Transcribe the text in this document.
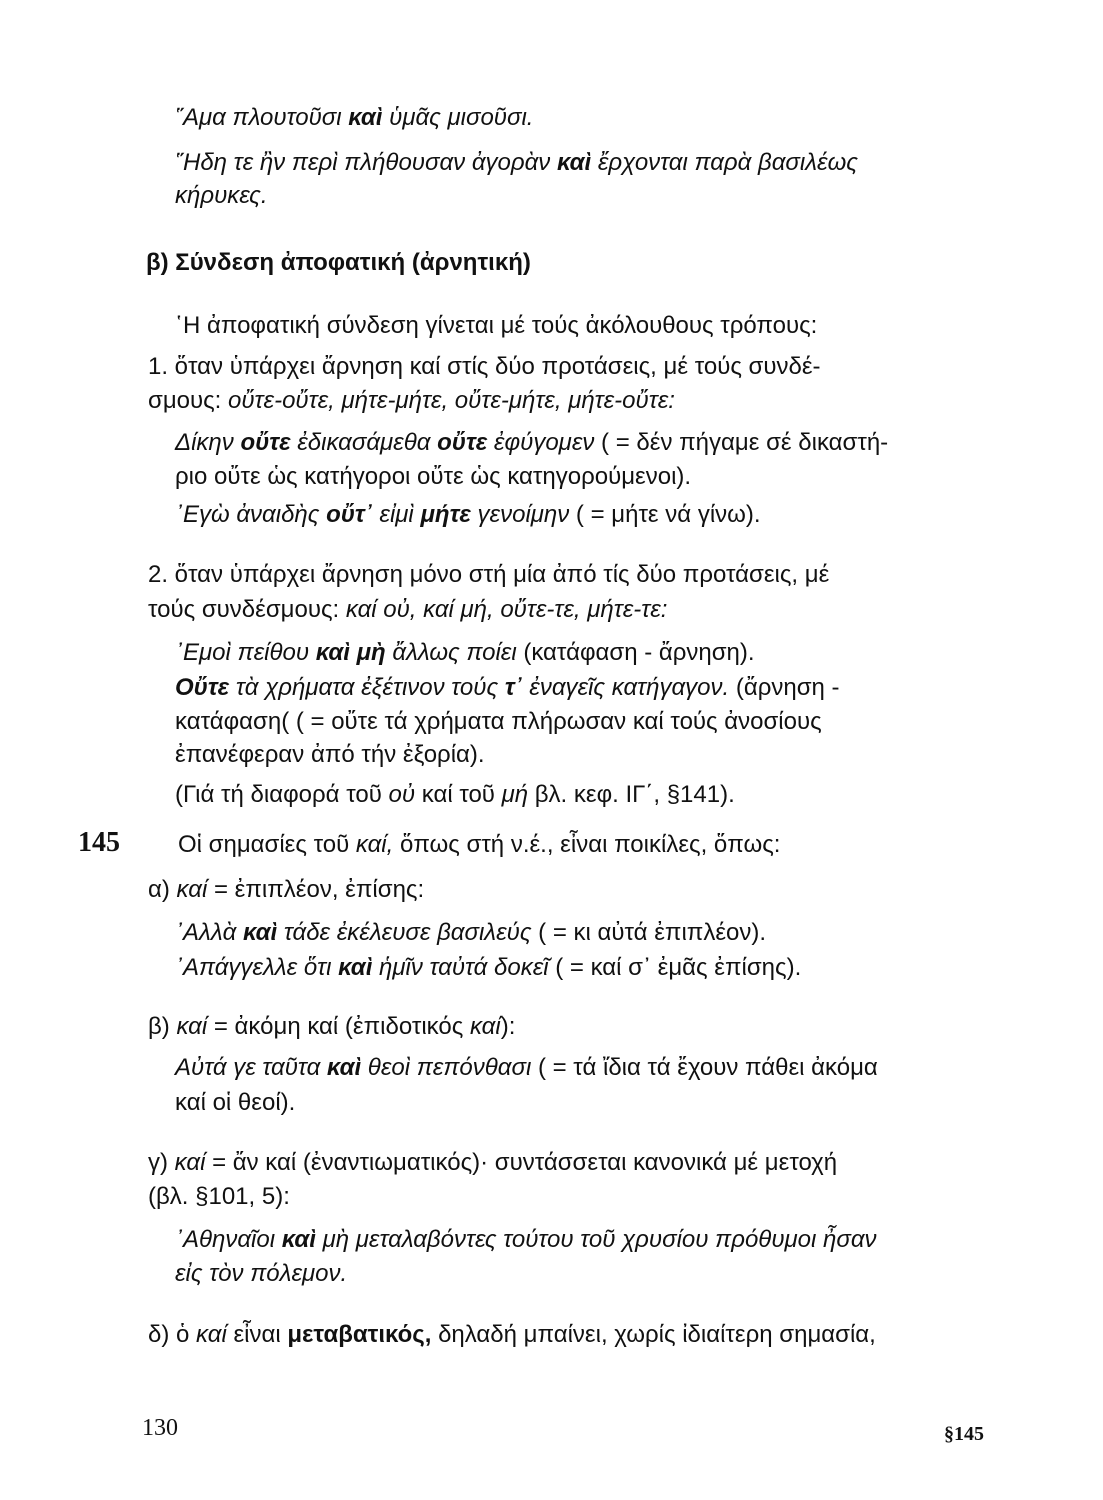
῞Αμα πλουτοῦσι καὶ ὑμᾶς μισοῦσι.
῞Ηδη τε ἢν περὶ πλήθουσαν ἀγορὰν καὶ ἔρχονται παρὰ βασιλέως
κήρυκες.
β) Σύνδεση ἀποφατική (ἀρνητική)
῾Η ἀποφατική σύνδεση γίνεται μέ τούς ἀκόλουθους τρόπους:
1. ὅταν ὑπάρχει ἄρνηση καί στίς δύο προτάσεις, μέ τούς συνδέ-
σμους: οὔτε-οὔτε, μήτε-μήτε, οὔτε-μήτε, μήτε-οὔτε:
Δίκην οὔτε ἐδικασάμεθα οὔτε ἐφύγομεν ( = δέν πήγαμε σέ δικαστή-
ριο οὔτε ὡς κατήγοροι οὔτε ὡς κατηγορούμενοι).
᾿Εγὼ ἀναιδὴς οὔτ᾿ εἰμὶ μήτε γενοίμην ( = μήτε νά γίνω).
2. ὅταν ὑπάρχει ἄρνηση μόνο στή μία ἀπό τίς δύο προτάσεις, μέ
τούς συνδέσμους: καί οὐ, καί μή, οὔτε-τε, μήτε-τε:
᾿Εμοὶ πείθου καὶ μὴ ἄλλως ποίει (κατάφαση - ἄρνηση).
Οὔτε τὰ χρήματα ἐξέτινον τούς τ᾿ ἐναγεῖς κατήγαγον. (ἄρνηση -
κατάφαση( ( = οὔτε τά χρήματα πλήρωσαν καί τούς ἀνοσίους
ἐπανέφεραν ἀπό τήν ἐξορία).
(Γιά τή διαφορά τοῦ οὐ καί τοῦ μή βλ. κεφ. ΙΓ΄, §141).
145 Οἱ σημασίες τοῦ καί, ὅπως στή ν.έ., εἶναι ποικίλες, ὅπως:
α) καί = ἐπιπλέον, ἐπίσης:
᾿Αλλὰ καὶ τάδε ἐκέλευσε βασιλεύς ( = κι αὐτά ἐπιπλέον).
᾿Απάγγελλε ὅτι καὶ ἡμῖν ταὐτά δοκεῖ ( = καί σ᾿ ἐμᾶς ἐπίσης).
β) καί = ἀκόμη καί (ἐπιδοτικός καί):
Αὐτά γε ταῦτα καὶ θεοὶ πεπόνθασι ( = τά ἴδια τά ἔχουν πάθει ἀκόμα
καί οἱ θεοί).
γ) καί = ἄν καί (ἐναντιωματικός)· συντάσσεται κανονικά μέ μετοχή
(βλ. §101, 5):
᾿Αθηναῖοι καὶ μὴ μεταλαβόντες τούτου τοῦ χρυσίου πρόθυμοι ἦσαν
εἰς τὸν πόλεμον.
δ) ὁ καί εἶναι μεταβατικός, δηλαδή μπαίνει, χωρίς ἰδιαίτερη σημασία,
130	§145
